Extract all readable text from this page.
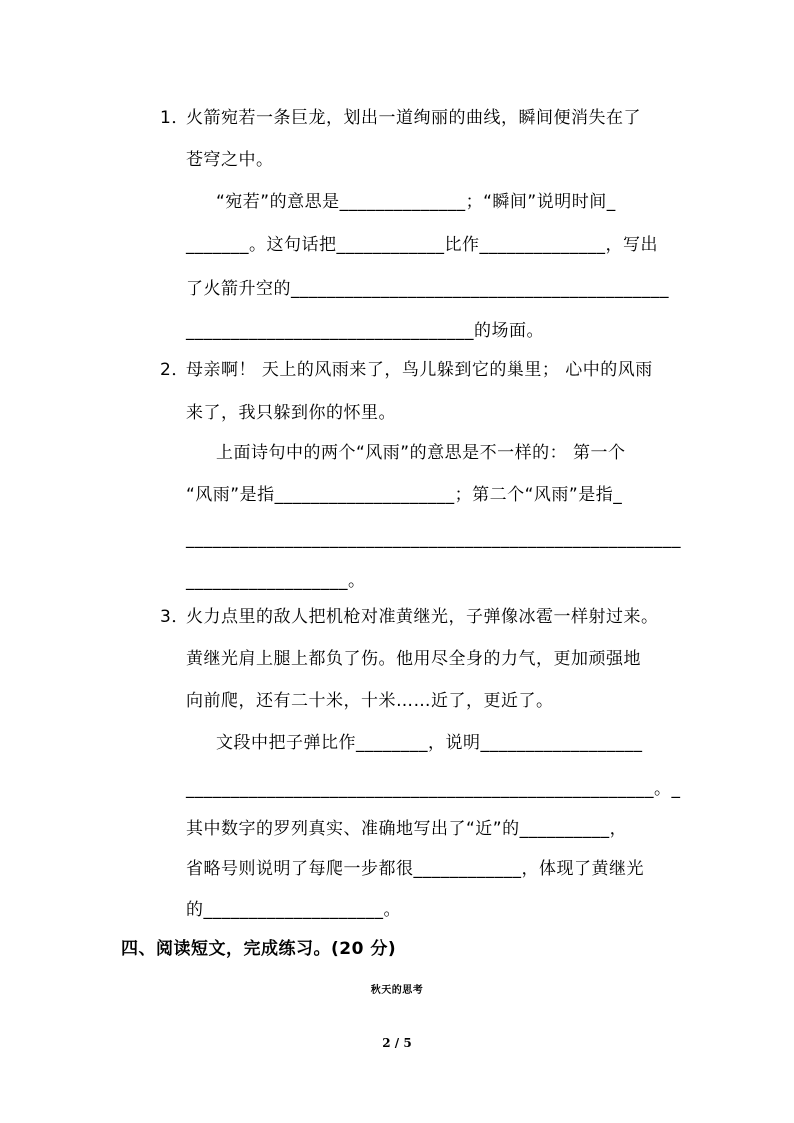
1．火箭宛若一条巨龙，划出一道绚丽的曲线，瞬间便消失在了
苍穹之中。
“宛若”的意思是______________；“瞬间”说明时间_
_______。这句话把____________比作______________，写出
了火箭升空的__________________________________________
________________________________的场面。
2．母亲啊！ 天上的风雨来了，鸟儿躲到它的巢里； 心中的风雨
来了，我只躲到你的怀里。
上面诗句中的两个“风雨”的意思是不一样的： 第一个
“风雨”是指____________________；第二个“风雨”是指_
_______________________________________________________
__________________。
3．火力点里的敌人把机枪对准黄继光，子弹像冰雹一样射过来。
黄继光肩上腿上都负了伤。他用尽全身的力气，更加顽强地
向前爬，还有二十米，十米……近了，更近了。
文段中把子弹比作________，说明__________________
____________________________________________________。_
其中数字的罗列真实、准确地写出了“近”的__________，
省略号则说明了每爬一步都很____________，体现了黄继光
的____________________。
四、阅读短文，完成练习。(20 分)
秋天的思考
2 / 5
